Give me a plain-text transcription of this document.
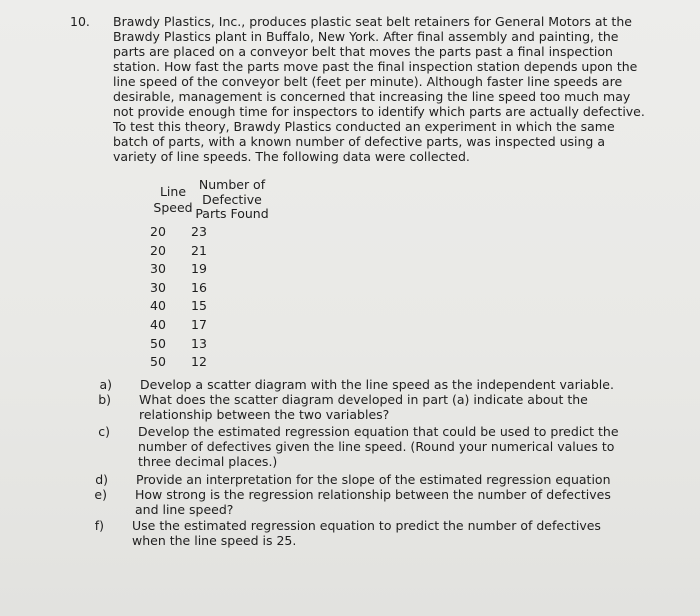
10. Brawdy Plastics, Inc., produces plastic seat belt retainers for General Motors at the
Brawdy Plastics plant in Buffalo, New York. After final assembly and painting, the
parts are placed on a conveyor belt that moves the parts past a final inspection
station. How fast the parts move past the final inspection station depends upon the
line speed of the conveyor belt (feet per minute). Although faster line speeds are
desirable, management is concerned that increasing the line speed too much may
not provide enough time for inspectors to identify which parts are actually defective.
To test this theory, Brawdy Plastics conducted an experiment in which the same
batch of parts, with a known number of defective parts, was inspected using a
variety of line speeds. The following data were collected.
Line
Speed
Number of
Defective
Parts Found
20 23
20 21
30 19
30 16
40 15
40 17
50 13
50 12
a) Develop a scatter diagram with the line speed as the independent variable.
b) What does the scatter diagram developed in part (a) indicate about the
relationship between the two variables?
c) Develop the estimated regression equation that could be used to predict the
number of defectives given the line speed. (Round your numerical values to
three decimal places.)
d) Provide an interpretation for the slope of the estimated regression equation
e) How strong is the regression relationship between the number of defectives
and line speed?
f) Use the estimated regression equation to predict the number of defectives
when the line speed is 25.
